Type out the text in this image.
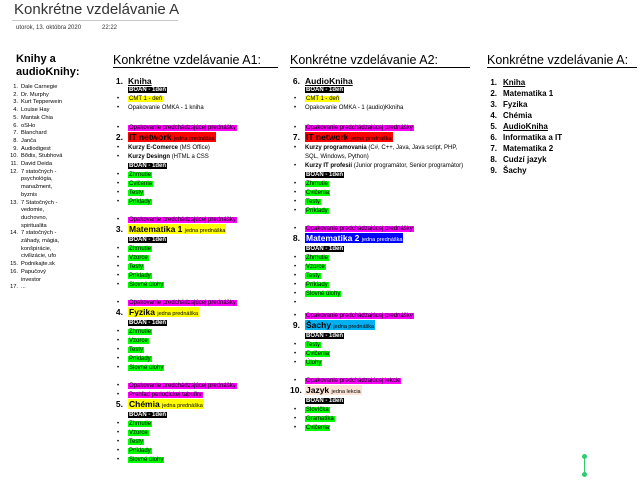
Konkrétne vzdelávanie A
utorok, 13. októbra 2020	22:22
Knihy a
audioKnihy:
1. Dale Carnegie
2. Dr. Murphy
3. Kurt Tepperwein
4. Louise Hay
5. Mantak Chia
6. oSHo
7. Blanchard
8. Janča
9. Audiodigest
10. Bődis, Stubhová
11. David Deida
12. 7 statočných -
psychológia,
manažment,
byznis
13. 7 Statočných -
vedomie,
duchovno,
spiritualita
14. 7 statočných -
záhady, mágia,
konšpirácie,
civilizácie, ufo
15. Podnikajte.sk
16. Papučový
investor
17. ...
Konkrétne vzdelávanie A1:
1. Kniha
BOAN - 1deň
• CMT 1 - deň
• Opakovanie OMKA - 1 kniha
• Opakovanie predchádzajúcej prednášky
2. IT network jedna prednáška
• Kurzy E-Comerce (MS Office)
• Kurzy Desingn (HTML a CSS
BOAN - 1deň
• Zhrnutie
• Cvičenia
• Testy
• Príklady
• Opakovanie predchádzajúcej prednášky
3. Matematika 1 jedna prednáška
BOAN - 1deň
• Zhrnutie
• Vzorce
• Testy
• Príklady
• Slovné úlohy
• Opakovanie predchádzajúcej prednášky
4. Fyzika jedna prednáška
BOAN - 1deň
• Zhrnutie
• Vzorce
• Testy
• Príklady
• Slovné úlohy
• Opakovanie predchádzajúcej prednášky
• Prehľad periodickej tabuľky
5. Chémia jedna prednáška
BOAN - 1deň
• Zhrnutie
• Vzorce
• Testy
• Príklady
• Slovné úlohy
Konkrétne vzdelávanie A2:
6. AudioKniha
BOAN - 1deň
• CMT 1 - deň
• Opakovanie OMKA - 1 (audio)Kkniha
• Opakovanie predchádzajúcej prednášky
7. IT network jedna prednáška
• Kurzy programovania (C#, C++, Java, Java script, PHP, SQL, Windows, Python)
• Kurzy IT profesií (Junior programátor, Senior programátor)
BOAN - 1deň
• Zhrnutie
• Cvičenia
• Testy
• Príklady
• Opakovanie predchádzajúcej prednášky
8. Matematika 2 jedna prednáška
BOAN - 1deň
• Zhrnutie
• Vzorce
• Testy
• Príklady
• Slovné úlohy
•
• Opakovanie predchádzajúcej prednášky
9. Šachy jedna prednáška
BOAN - 1deň
• Testy
• Cvičenia
• Úlohy
• Opakovanie predchádzajúcej lekcie
10. Jazyk jedna lekcia
BOAN - 1deň
• Slovíčka
• Gramatika
• Cvičenia
Konkrétne vzdelávanie A:
1. Kniha
2. Matematika 1
3. Fyzika
4. Chémia
5. AudioKniha
6. Informatika a IT
7. Matematika 2
8. Cudzí jazyk
9. Šachy
